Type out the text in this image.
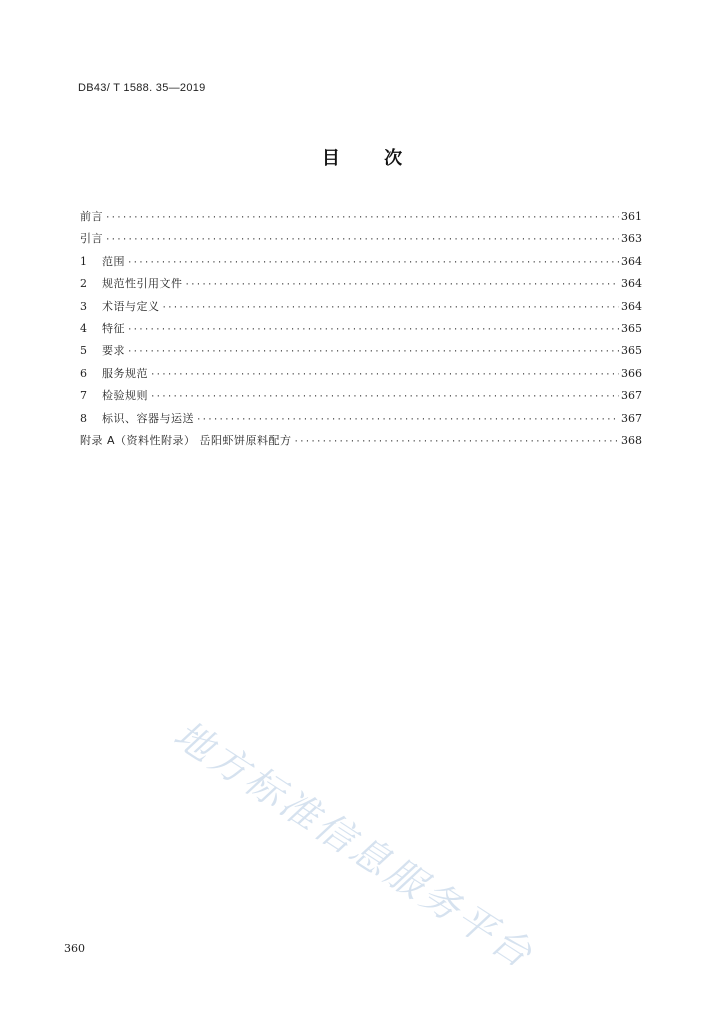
DB43/ T 1588. 35—2019
目 次
前言 ·····	361
引言 ·····	363
1	范围 ·····	364
2	规范性引用文件 ·····	364
3	术语与定义 ·····	364
4	特征 ·····	365
5	要求 ·····	365
6	服务规范 ·····	366
7	检验规则 ·····	367
8	标识、容器与运送 ·····	367
附录 A（资料性附录） 岳阳虾饼原料配方 ·····	368
地方标准信息服务平台
360
